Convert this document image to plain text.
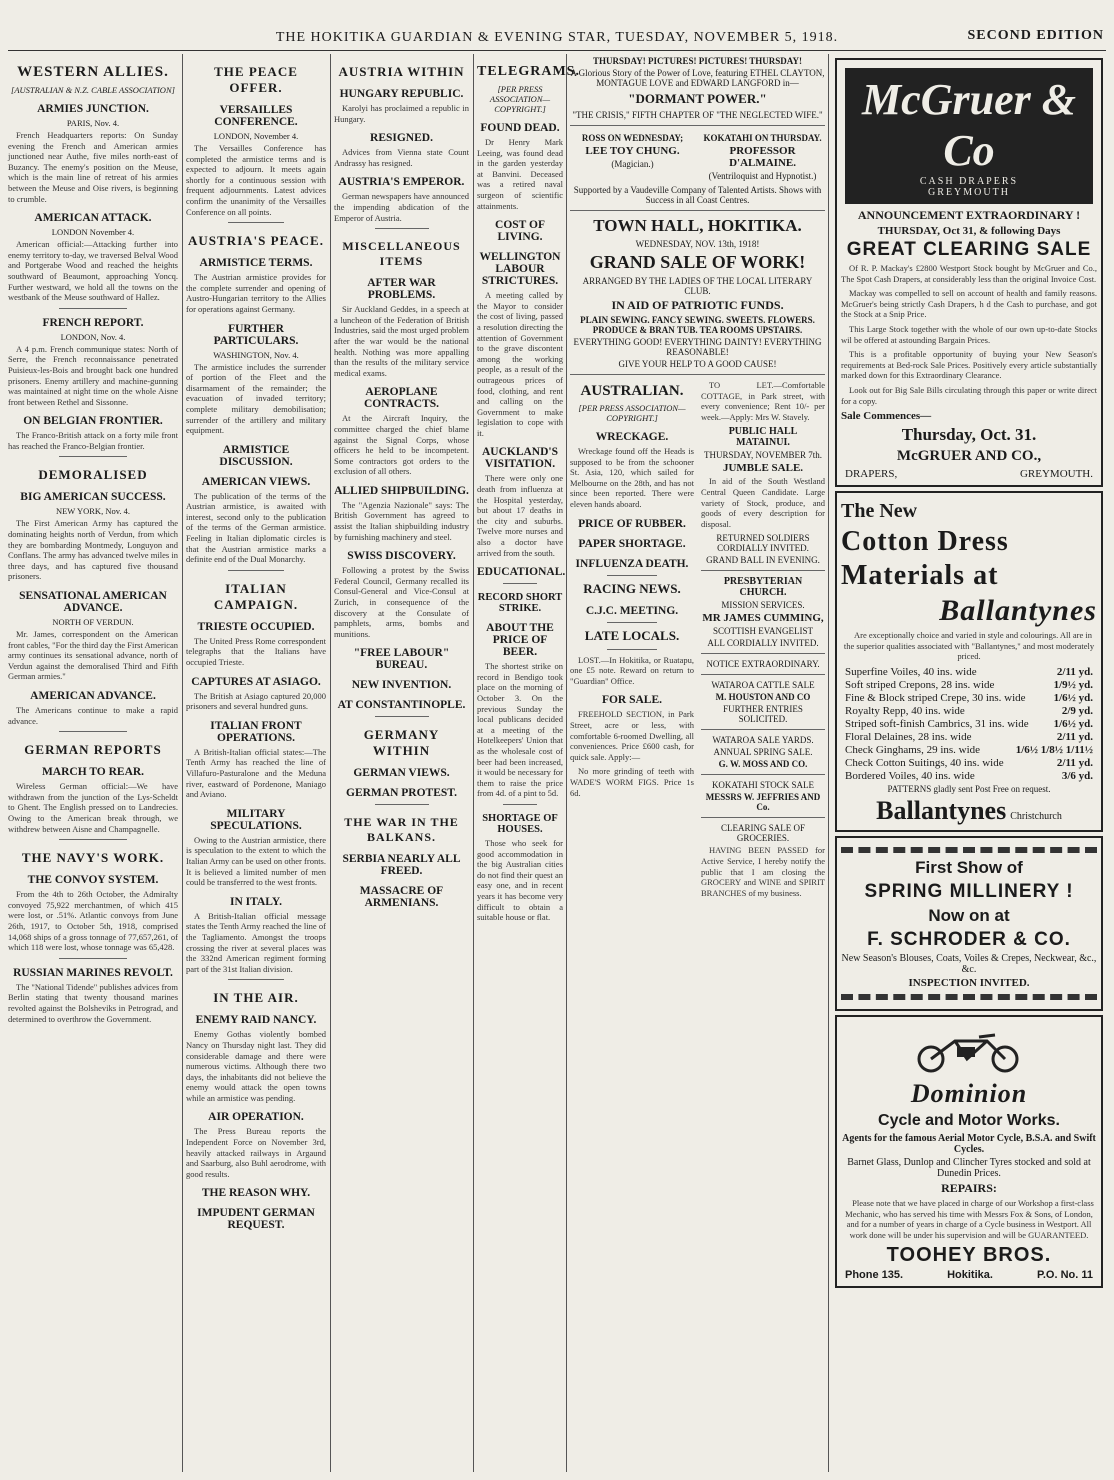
THE HOKITIKA GUARDIAN & EVENING STAR, TUESDAY, NOVEMBER 5, 1918.	SECOND EDITION
WESTERN ALLIES.
[AUSTRALIAN & N.Z. CABLE ASSOCIATION]
ARMIES JUNCTION.
PARIS, Nov. 4.

French Headquarters reports: On Sunday evening the French and American armies junctioned near Authe, five miles north-east of Buzancy. The enemy's position on the Meuse, which is the main line of retreat of his armies between the Meuse and Oise rivers, is beginning to crumble.

AMERICAN ATTACK.
LONDON November 4.

American official:—Attacking further into enemy territory to-day, we traversed Belval Wood and Portgerabe Wood and reached the heights southward of Beaumont, approaching Yoncq. Further westward, we hold all the towns on the westbank of the Meuse southward of Hallez.

FRENCH REPORT.
LONDON, Nov. 4.

A 4 p.m. French communique states: North of Serre, the French reconnaissance penetrated Puisieux-les-Bois and brought back one hundred prisoners. Enemy artillery and machine-gunning was maintained at night time on the whole Aisne front between Rethel and Sissonne.

ON BELGIAN FRONTIER.

The Franco-British attack on a forty mile front has reached the Franco-Belgian frontier.

DEMORALISED
BIG AMERICAN SUCCESS.
NEW YORK, Nov. 4.

The First American Army has captured the dominating heights north of Verdun, from which they are bombarding Montmedy, Longuyon and Conflans. The army has advanced twelve miles in three days, and has captured five thousand prisoners.

SENSATIONAL AMERICAN ADVANCE.
NORTH OF VERDUN.

Mr. James, correspondent on the American front cables, "For the third day the First American army continues its sensational advance, north of Verdun against the demoralised Third and Fifth German armies."

AMERICAN ADVANCE.

The Americans continue to make a rapid advance.

GERMAN REPORTS
MARCH TO REAR.

Wireless German official:—We have withdrawn from the junction of the Lys-Scheldt to Ghent. The English pressed on to Landrecies. Owing to the American break through, we withdrew between Aisne and Champagnelle.

THE NAVY'S WORK.
THE CONVOY SYSTEM.

From the 4th to 26th October, the Admiralty convoyed 75,922 merchantmen, of which 415 were lost, or .51%. Atlantic convoys from June 26th, 1917, to October 5th, 1918, comprised 14,068 ships of a gross tonnage of 77,657,261, of which 118 were lost, whose tonnage was 65,428.

RUSSIAN MARINES REVOLT.

The "National Tidende" publishes advices from Berlin stating that twenty thousand marines revolted against the Bolsheviks in Petrograd, and determined to overthrow the Government.

THE PEACE OFFER.
VERSAILLES CONFERENCE.
LONDON, November 4.

The Versailles Conference has completed the armistice terms and is expected to adjourn. It meets again shortly for a continuous session with frequent adjournments. Latest advices confirm the unanimity of the Versailles Conference on all points.

AUSTRIA'S PEACE.
ARMISTICE TERMS.

The Austrian armistice provides for the complete surrender and opening of Austro-Hungarian territory to the Allies for operations against Germany.

FURTHER PARTICULARS.
WASHINGTON, Nov. 4.

The armistice includes the surrender of portion of the Fleet and the disarmament of the remainder; the evacuation of invaded territory; complete military demobilisation; surrender of the artillery and military equipment.

ARMISTICE DISCUSSION.
AMERICAN VIEWS.

The publication of the terms of the Austrian armistice, is awaited with interest, second only to the publication of the terms of the German armistice. Feeling in Italian diplomatic circles is that the Austrian armistice marks a definite end of the Dual Monarchy.

ITALIAN CAMPAIGN.
TRIESTE OCCUPIED.

The United Press Rome correspondent telegraphs that the Italians have occupied Trieste.

CAPTURES AT ASIAGO.

The British at Asiago captured 20,000 prisoners and several hundred guns.

ITALIAN FRONT OPERATIONS.

A British-Italian official states:—The Tenth Army has reached the line of Villafuro-Pasturalone and the Meduna river, eastward of Pordenone, Maniago and Aviano.

MILITARY SPECULATIONS.

Owing to the Austrian armistice, there is speculation to the extent to which the Italian Army can be used on other fronts. It is believed a limited number of men could be transferred to the west fronts.

IN ITALY.

A British-Italian official message states the Tenth Army reached the line of the Tagliamento. Amongst the troops crossing the river at several places was the 332nd American regiment forming part of the 31st Italian division.

IN THE AIR.
ENEMY RAID NANCY.

Enemy Gothas violently bombed Nancy on Thursday night last. They did considerable damage and there were numerous victims. Although there two days, the inhabitants did not believe the enemy would attack the open towns while an armistice was pending.

AIR OPERATION.

The Press Bureau reports the Independent Force on November 3rd, heavily attacked railways in Argaund and Saarburg, also Buhl aerodrome, with good results.

THE REASON WHY.
IMPUDENT GERMAN REQUEST.
AUSTRIA WITHIN
HUNGARY REPUBLIC.

Karolyi has proclaimed a republic in Hungary.

RESIGNED.

Advices from Vienna state Count Andrassy has resigned.

AUSTRIA'S EMPEROR.

German newspapers have announced the impending abdication of the Emperor of Austria.

MISCELLANEOUS ITEMS
AFTER WAR PROBLEMS.

Sir Auckland Geddes, in a speech at a luncheon of the Federation of British Industries, said the most urged problem after the war would be the national health. Nothing was more appalling than the results of the military service medical exams.

AEROPLANE CONTRACTS.

At the Aircraft Inquiry, the committee charged the chief blame against the Signal Corps, whose officers he held to be incompetent. Some contractors got orders to the exclusion of all others.

ALLIED SHIPBUILDING.

The "Agenzia Nazionale" says: The British Government has agreed to assist the Italian shipbuilding industry by furnishing machinery and steel.

SWISS DISCOVERY.

Following a protest by the Swiss Federal Council, Germany recalled its Consul-General and Vice-Consul at Zurich, in consequence of the discovery at the Consulate of pamphlets, arms, bombs and munitions.

"FREE LABOUR" BUREAU.
NEW INVENTION.
AT CONSTANTINOPLE.
GERMANY WITHIN
GERMAN VIEWS.
GERMAN PROTEST.
THE WAR IN THE BALKANS.
SERBIA NEARLY ALL FREED.
MASSACRE OF ARMENIANS.
TELEGRAMS.
[PER PRESS ASSOCIATION—COPYRIGHT.]
FOUND DEAD.

Dr Henry Mark Leeing, was found dead in the garden yesterday at Banvini. Deceased was a retired naval surgeon of scientific attainments.

COST OF LIVING.
WELLINGTON LABOUR STRICTURES.

A meeting called by the Mayor to consider the cost of living, passed a resolution directing the attention of Government to the grave discontent among the working people, as a result of the outrageous prices of food, clothing, and rent and calling on the Government to make legislation to cope with it.

AUCKLAND'S VISITATION.

There were only one death from influenza at the Hospital yesterday, but about 17 deaths in the city and suburbs. Twelve more nurses and also a doctor have arrived from the south.

EDUCATIONAL.
RECORD SHORT STRIKE.
ABOUT THE PRICE OF BEER.

The shortest strike on record in Bendigo took place on the morning of October 3. On the previous Sunday the local publicans decided at a meeting of the Hotelkeepers' Union that as the wholesale cost of beer had been increased, it would be necessary for them to raise the price from 4d. of a pint to 5d.

SHORTAGE OF HOUSES.

Those who seek for good accommodation in the big Australian cities do not find their quest an easy one, and in recent years it has become very difficult to obtain a suitable house or flat.

THURSDAY! PICTURES! PICTURES! THURSDAY!
A Glorious Story of the Power of Love, featuring ETHEL CLAYTON, MONTAGUE LOVE and EDWARD LANGFORD in—
"DORMANT POWER."
"THE CRISIS," FIFTH CHAPTER OF "THE NEGLECTED WIFE."
ROSS ON WEDNESDAY;
LEE TOY CHUNG.
(Magician.)
KOKATAHI ON THURSDAY.
PROFESSOR D'ALMAINE.
(Ventriloquist and Hypnotist.)
Supported by a Vaudeville Company of Talented Artists. Shows with Success in all Coast Centres.
TOWN HALL, HOKITIKA.
WEDNESDAY, NOV. 13th, 1918!
GRAND SALE OF WORK!
ARRANGED BY THE LADIES OF THE LOCAL LITERARY CLUB.
IN AID OF PATRIOTIC FUNDS.
PLAIN SEWING. FANCY SEWING. SWEETS. FLOWERS. PRODUCE & BRAN TUB. TEA ROOMS UPSTAIRS.
EVERYTHING GOOD! EVERYTHING DAINTY! EVERYTHING REASONABLE!
GIVE YOUR HELP TO A GOOD CAUSE!
AUSTRALIAN.
[PER PRESS ASSOCIATION—COPYRIGHT.]
WRECKAGE.

Wreckage found off the Heads is supposed to be from the schooner St. Asia, 120, which sailed for Melbourne on the 28th, and has not since been reported. There were eleven hands aboard.

PRICE OF RUBBER.
PAPER SHORTAGE.
INFLUENZA DEATH.
RACING NEWS.
C.J.C. MEETING.
LATE LOCALS.

LOST.—In Hokitika, or Ruatapu, one £5 note. Reward on return to "Guardian" Office.

FOR SALE.

FREEHOLD SECTION, in Park Street, acre or less, with comfortable 6-roomed Dwelling, all conveniences. Price £600 cash, for quick sale. Apply:—

No more grinding of teeth with WADE'S WORM FIGS. Price 1s 6d.

TO LET.—Comfortable COTTAGE, in Park street, with every convenience; Rent 10/- per week.—Apply: Mrs W. Stavely.

PUBLIC HALL MATAINUI.
THURSDAY, NOVEMBER 7th.
JUMBLE SALE.

In aid of the South Westland Central Queen Candidate. Large variety of Stock, produce, and goods of every description for disposal.

RETURNED SOLDIERS CORDIALLY INVITED.
GRAND BALL IN EVENING.
PRESBYTERIAN CHURCH.
MISSION SERVICES.
MR JAMES CUMMING,
SCOTTISH EVANGELIST
ALL CORDIALLY INVITED.
NOTICE EXTRAORDINARY.
WATAROA CATTLE SALE
M. HOUSTON AND CO
FURTHER ENTRIES SOLICITED.
WATAROA SALE YARDS.
ANNUAL SPRING SALE.
G. W. MOSS AND CO.
KOKATAHI STOCK SALE
MESSRS W. JEFFRIES AND Co.
CLEARING SALE OF GROCERIES.

HAVING BEEN PASSED for Active Service, I hereby notify the public that I am closing the GROCERY and WINE and SPIRIT BRANCHES of my business.

McGruer & Co
CASH DRAPERS
GREYMOUTH
ANNOUNCEMENT EXTRAORDINARY !
THURSDAY, Oct 31, & following Days
GREAT CLEARING SALE

Of R. P. Mackay's £2800 Westport Stock bought by McGruer and Co., The Spot Cash Drapers, at considerably less than the original Invoice Cost.

Mackay was compelled to sell on account of health and family reasons. McGruer's being strictly Cash Drapers, h d the Cash to purchase, and got the Stock at a Snip Price.

This Large Stock together with the whole of our own up-to-date Stocks wil be offered at astounding Bargain Prices.

This is a profitable opportunity of buying your New Season's requirements at Bed-rock Sale Prices. Positively every article substantially marked down for this Extraordinary Clearance.

Look out for Big Sale Bills circulating through this paper or write direct for a copy.

Sale Commences—
Thursday, Oct. 31.
McGRUER AND CO.,
DRAPERS,	GREYMOUTH.
The New
Cotton Dress
Materials at
Ballantynes

Are exceptionally choice and varied in style and colourings. All are in the superior qualities associated with "Ballantynes," and most moderately priced.

Superfine Voiles, 40 ins. wide	2/11 yd.
Soft striped Crepons, 28 ins. wide	1/9½ yd.
Fine & Block striped Crepe, 30 ins. wide	1/6½ yd.
Royalty Repp, 40 ins. wide	2/9 yd.
Striped soft-finish Cambrics, 31 ins. wide 1/6½ yd.
Floral Delaines, 28 ins. wide	2/11 yd.
Check Ginghams, 29 ins. wide	1/6½ 1/8½ 1/11½
Check Cotton Suitings, 40 ins. wide	2/11 yd.
Bordered Voiles, 40 ins. wide	3/6 yd.
PATTERNS gladly sent Post Free on request.
Ballantynes Christchurch
First Show of
SPRING MILLINERY !
Now on at
F. SCHRODER & CO.
New Season's Blouses, Coats, Voiles & Crepes, Neckwear, &c., &c.
INSPECTION INVITED.
Dominion
Cycle and Motor Works.
Agents for the famous Aerial Motor Cycle, B.S.A. and Swift Cycles.
Barnet Glass, Dunlop and Clincher Tyres stocked and sold at Dunedin Prices.
REPAIRS:

Please note that we have placed in charge of our Workshop a first-class Mechanic, who has served his time with Messrs Fox & Sons, of London, and for a number of years in charge of a Cycle business in Westport. All work done will be under his supervision and will be GUARANTEED.

TOOHEY BROS.
Phone 135.	Hokitika.	P.O. No. 11
